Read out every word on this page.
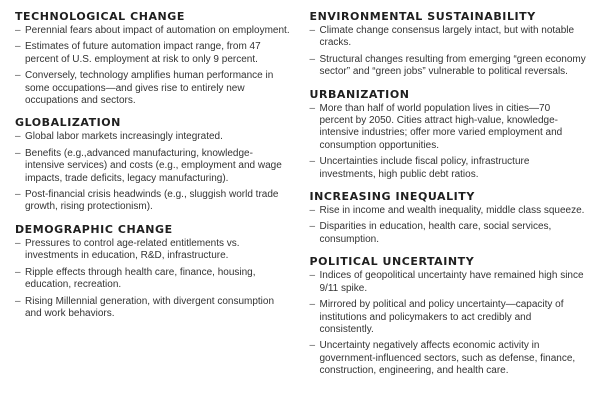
TECHNOLOGICAL CHANGE
– Perennial fears about impact of automation on employment.
– Estimates of future automation impact range, from 47 percent of U.S. employment at risk to only 9 percent.
– Conversely, technology amplifies human performance in some occupations—and gives rise to entirely new occupations and sectors.
GLOBALIZATION
– Global labor markets increasingly integrated.
– Benefits (e.g.,advanced manufacturing, knowledge-intensive services) and costs (e.g., employment and wage impacts, trade deficits, legacy manufacturing).
– Post-financial crisis headwinds (e.g., sluggish world trade growth, rising protectionism).
DEMOGRAPHIC CHANGE
– Pressures to control age-related entitlements vs. investments in education, R&D, infrastructure.
– Ripple effects through health care, finance, housing, education, recreation.
– Rising Millennial generation, with divergent consumption and work behaviors.
ENVIRONMENTAL SUSTAINABILITY
– Climate change consensus largely intact, but with notable cracks.
– Structural changes resulting from emerging “green economy sector” and “green jobs” vulnerable to political reversals.
URBANIZATION
– More than half of world population lives in cities—70 percent by 2050. Cities attract high-value, knowledge-intensive industries; offer more varied employment and consumption opportunities.
– Uncertainties include fiscal policy, infrastructure investments, high public debt ratios.
INCREASING INEQUALITY
– Rise in income and wealth inequality, middle class squeeze.
– Disparities in education, health care, social services, consumption.
POLITICAL UNCERTAINTY
– Indices of geopolitical uncertainty have remained high since 9/11 spike.
– Mirrored by political and policy uncertainty—capacity of institutions and policymakers to act credibly and consistently.
– Uncertainty negatively affects economic activity in government-influenced sectors, such as defense, finance, construction, engineering, and health care.
